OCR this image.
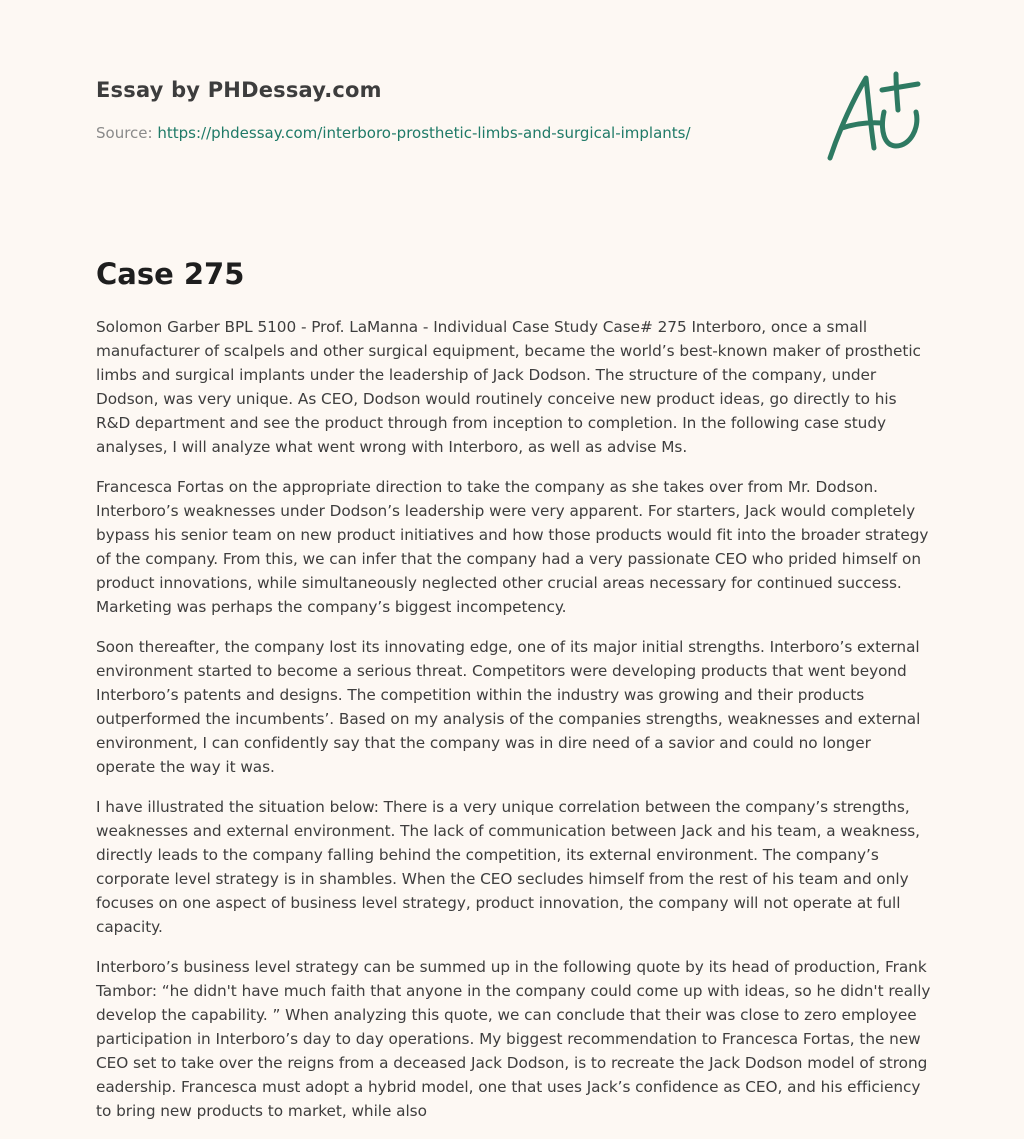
Essay by PHDessay.com
Source: https://phdessay.com/interboro-prosthetic-limbs-and-surgical-implants/
Case 275

Solomon Garber BPL 5100 - Prof. LaManna - Individual Case Study Case# 275 Interboro, once a small manufacturer of scalpels and other surgical equipment, became the world’s best-known maker of prosthetic limbs and surgical implants under the leadership of Jack Dodson. The structure of the company, under Dodson, was very unique. As CEO, Dodson would routinely conceive new product ideas, go directly to his R&D department and see the product through from inception to completion. In the following case study analyses, I will analyze what went wrong with Interboro, as well as advise Ms.

Francesca Fortas on the appropriate direction to take the company as she takes over from Mr. Dodson. Interboro’s weaknesses under Dodson’s leadership were very apparent. For starters, Jack would completely bypass his senior team on new product initiatives and how those products would fit into the broader strategy of the company. From this, we can infer that the company had a very passionate CEO who prided himself on product innovations, while simultaneously neglected other crucial areas necessary for continued success. Marketing was perhaps the company’s biggest incompetency.

Soon thereafter, the company lost its innovating edge, one of its major initial strengths. Interboro’s external environment started to become a serious threat. Competitors were developing products that went beyond Interboro’s patents and designs. The competition within the industry was growing and their products outperformed the incumbents’. Based on my analysis of the companies strengths, weaknesses and external environment, I can confidently say that the company was in dire need of a savior and could no longer operate the way it was.

I have illustrated the situation below: There is a very unique correlation between the company’s strengths, weaknesses and external environment. The lack of communication between Jack and his team, a weakness, directly leads to the company falling behind the competition, its external environment. The company’s corporate level strategy is in shambles. When the CEO secludes himself from the rest of his team and only focuses on one aspect of business level strategy, product innovation, the company will not operate at full capacity.

Interboro’s business level strategy can be summed up in the following quote by its head of production, Frank Tambor: “he didn't have much faith that anyone in the company could come up with ideas, so he didn't really develop the capability. ” When analyzing this quote, we can conclude that their was close to zero employee participation in Interboro’s day to day operations. My biggest recommendation to Francesca Fortas, the new CEO set to take over the reigns from a deceased Jack Dodson, is to recreate the Jack Dodson model of strong eadership. Francesca must adopt a hybrid model, one that uses Jack’s confidence as CEO, and his efficiency to bring new products to market, while also
